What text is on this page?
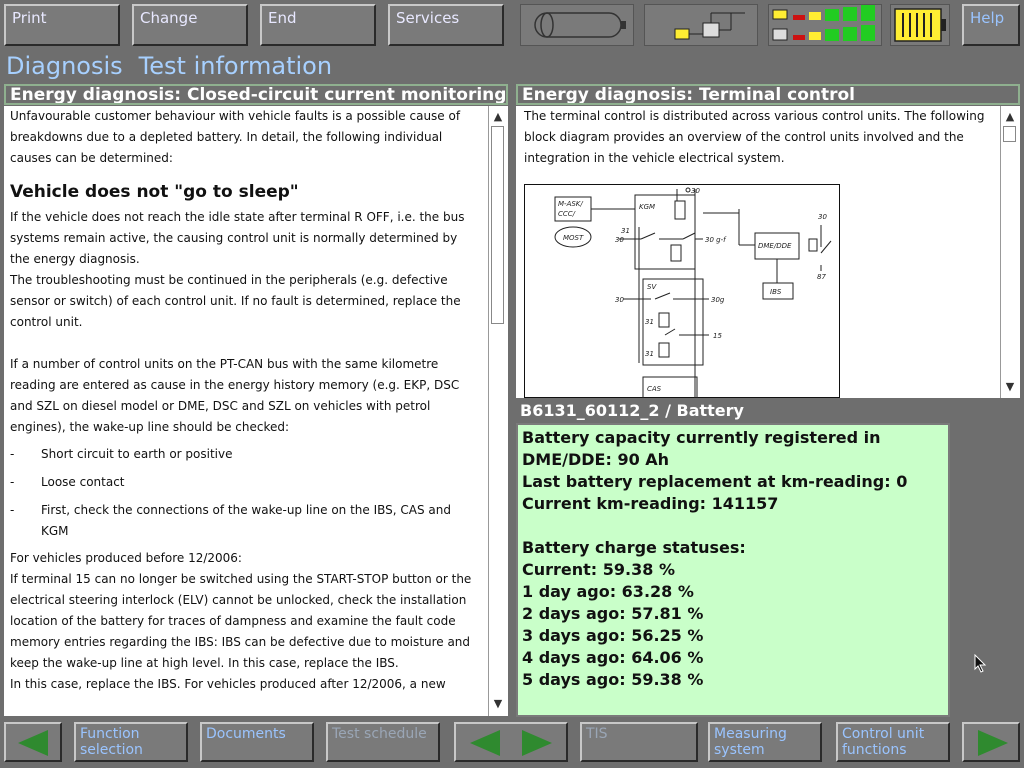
Print	Change	End	Services	Help
Diagnosis Test information
Energy diagnosis: Closed-circuit current monitoring

Unfavourable customer behaviour with vehicle faults is a possible cause of breakdowns due to a depleted battery. In detail, the following individual causes can be determined:

Vehicle does not "go to sleep"

If the vehicle does not reach the idle state after terminal R OFF, i.e. the bus systems remain active, the causing control unit is normally determined by the energy diagnosis.

The troubleshooting must be continued in the peripherals (e.g. defective sensor or switch) of each control unit. If no fault is determined, replace the control unit.

If a number of control units on the PT-CAN bus with the same kilometre reading are entered as cause in the energy history memory (e.g. EKP, DSC and SZL on diesel model or DME, DSC and SZL on vehicles with petrol engines), the wake-up line should be checked:

-	Short circuit to earth or positive
-	Loose contact
-	First, check the connections of the wake-up line on the IBS, CAS and KGM

For vehicles produced before 12/2006:

If terminal 15 can no longer be switched using the START-STOP button or the electrical steering interlock (ELV) cannot be unlocked, check the installation location of the battery for traces of dampness and examine the fault code memory entries regarding the IBS: IBS can be defective due to moisture and keep the wake-up line at high level. In this case, replace the IBS.

In this case, replace the IBS. For vehicles produced after 12/2006, a new

▲
▼
Energy diagnosis: Terminal control

The terminal control is distributed across various control units. The following block diagram provides an overview of the control units involved and the integration in the vehicle electrical system.

M-ASK/
CCC/
MOST
KGM
SV
CAS
DME/DDE
IBS
30
30
30
30
31
31
31
30 g-f
30g
15
87
▲
▼
B6131_60112_2 / Battery
Battery capacity currently registered in
DME/DDE: 90 Ah
Last battery replacement at km-reading: 0
Current km-reading: 141157
Battery charge statuses:
Current: 59.38 %
1 day ago: 63.28 %
2 days ago: 57.81 %
3 days ago: 56.25 %
4 days ago: 64.06 %
5 days ago: 59.38 %
Function selection
Documents	Test schedule	TIS	Measuring system
Control unit functions
